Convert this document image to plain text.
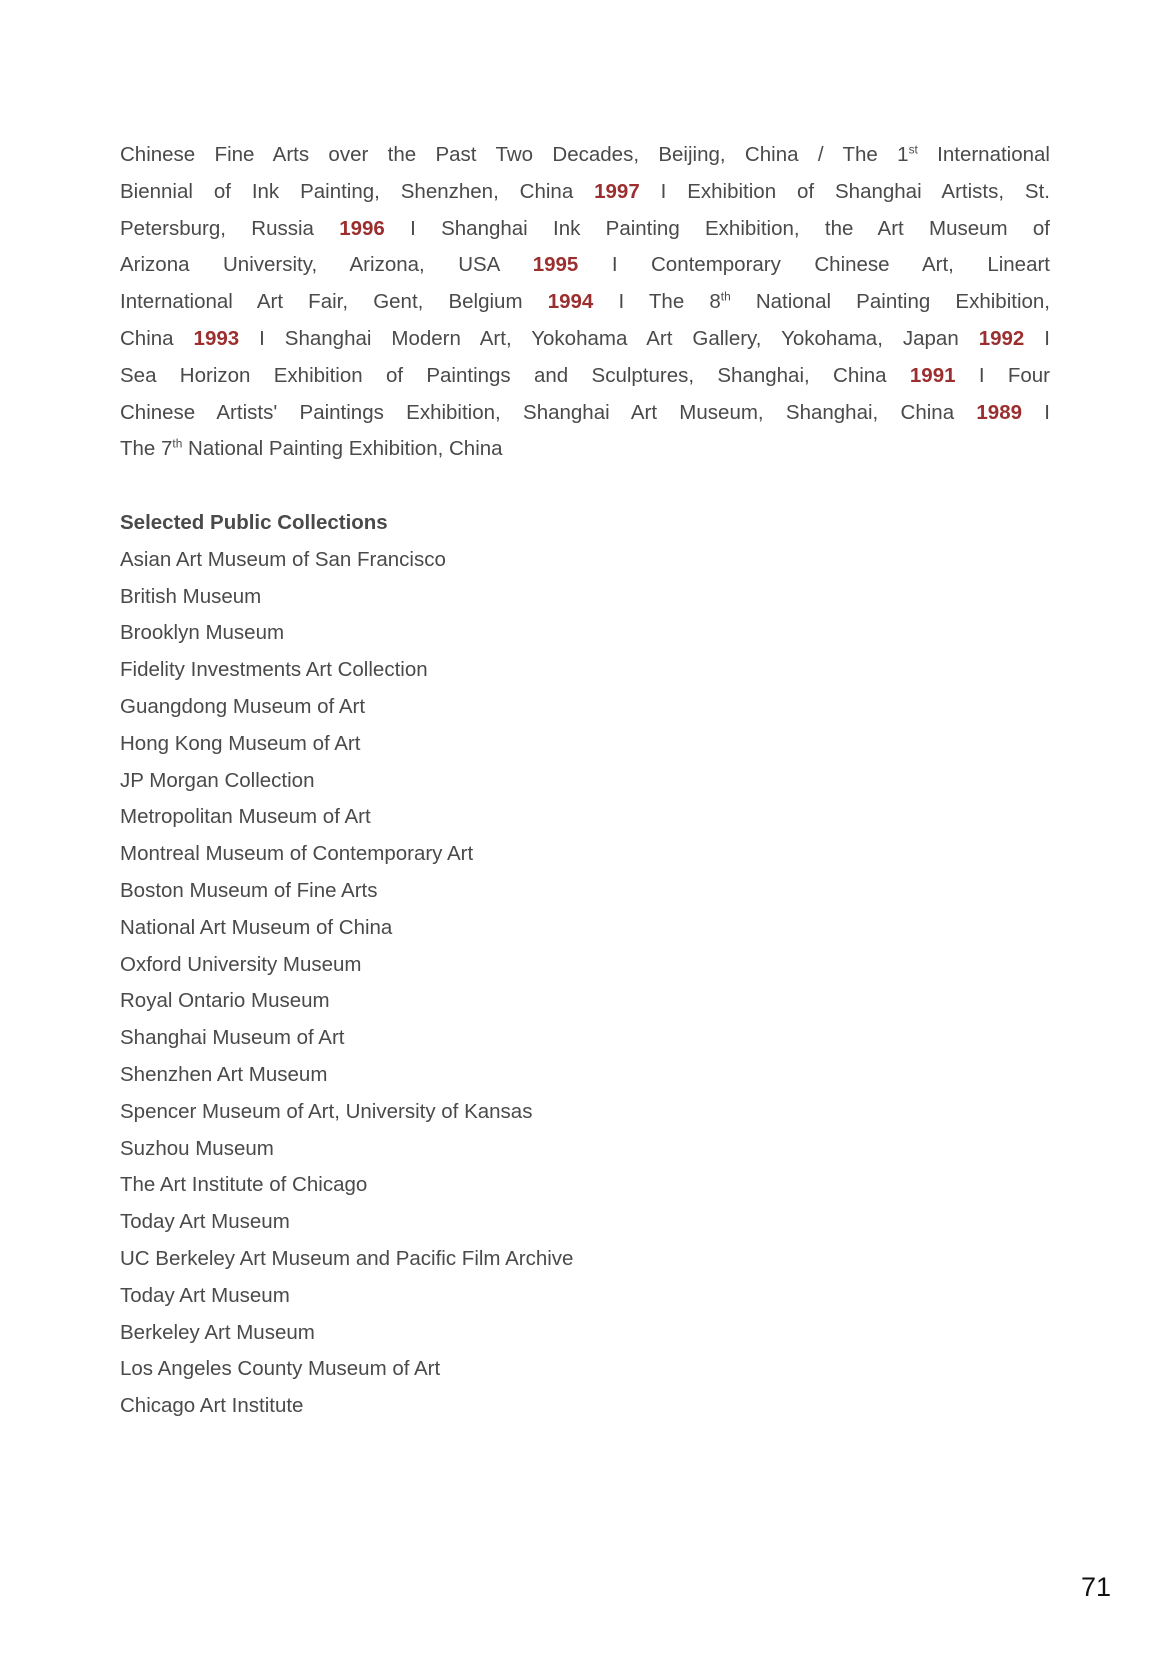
Chinese Fine Arts over the Past Two Decades, Beijing, China / The 1st International
Biennial of Ink Painting, Shenzhen, China 1997 I Exhibition of Shanghai Artists, St.
Petersburg, Russia 1996 I Shanghai Ink Painting Exhibition, the Art Museum of
Arizona University, Arizona, USA 1995 I Contemporary Chinese Art, Lineart
International Art Fair, Gent, Belgium 1994 I The 8th National Painting Exhibition,
China 1993 I Shanghai Modern Art, Yokohama Art Gallery, Yokohama, Japan 1992 I
Sea Horizon Exhibition of Paintings and Sculptures, Shanghai, China 1991 I Four
Chinese Artists' Paintings Exhibition, Shanghai Art Museum, Shanghai, China 1989 I
The 7th National Painting Exhibition, China
Selected Public Collections
Asian Art Museum of San Francisco
British Museum
Brooklyn Museum
Fidelity Investments Art Collection
Guangdong Museum of Art
Hong Kong Museum of Art
JP Morgan Collection
Metropolitan Museum of Art
Montreal Museum of Contemporary Art
Boston Museum of Fine Arts
National Art Museum of China
Oxford University Museum
Royal Ontario Museum
Shanghai Museum of Art
Shenzhen Art Museum
Spencer Museum of Art, University of Kansas
Suzhou Museum
The Art Institute of Chicago
Today Art Museum
UC Berkeley Art Museum and Pacific Film Archive
Today Art Museum
Berkeley Art Museum
Los Angeles County Museum of Art
Chicago Art Institute
71
